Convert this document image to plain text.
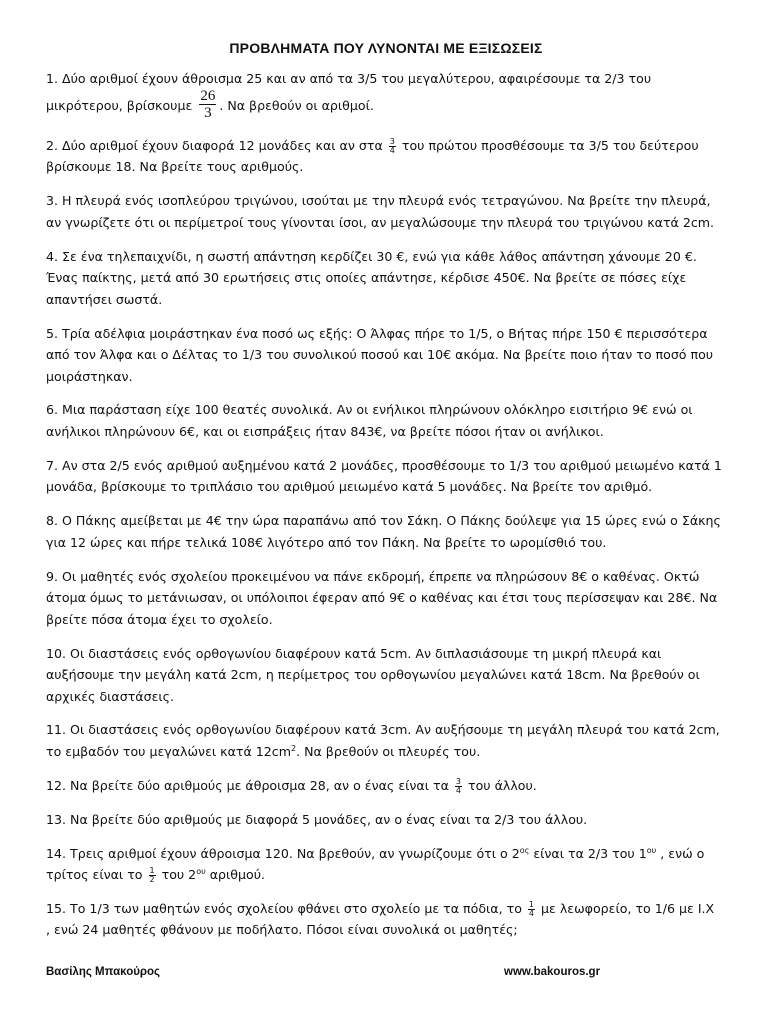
ΠΡΟΒΛΗΜΑΤΑ ΠΟΥ ΛΥΝΟΝΤΑΙ ΜΕ ΕΞΙΣΩΣΕΙΣ
1. Δύο αριθμοί έχουν άθροισμα 25 και αν από τα 3/5 του μεγαλύτερου, αφαιρέσουμε τα 2/3 του μικρότερου, βρίσκουμε $\frac{26}{3}$ . Να βρεθούν οι αριθμοί.
2. Δύο αριθμοί έχουν διαφορά 12 μονάδες και αν στα $\frac{3}{4}$ του πρώτου προσθέσουμε τα 3/5 του δεύτερου βρίσκουμε 18. Να βρείτε τους αριθμούς.
3. Η πλευρά ενός ισοπλεύρου τριγώνου, ισούται με την πλευρά ενός τετραγώνου. Να βρείτε την πλευρά, αν γνωρίζετε ότι οι περίμετροί τους γίνονται ίσοι, αν μεγαλώσουμε την πλευρά του τριγώνου κατά 2cm.
4. Σε ένα τηλεπαιχνίδι, η σωστή απάντηση κερδίζει 30 €, ενώ για κάθε λάθος απάντηση χάνουμε 20 €. Ένας παίκτης, μετά από 30 ερωτήσεις στις οποίες απάντησε, κέρδισε 450€. Να βρείτε σε πόσες είχε απαντήσει σωστά.
5. Τρία αδέλφια μοιράστηκαν ένα ποσό ως εξής: Ο Άλφας πήρε το 1/5, ο Βήτας πήρε 150 € περισσότερα από τον Άλφα και ο Δέλτας το 1/3 του συνολικού ποσού και 10€ ακόμα. Να βρείτε ποιο ήταν το ποσό που μοιράστηκαν.
6. Μια παράσταση είχε 100 θεατές συνολικά. Αν οι ενήλικοι πληρώνουν ολόκληρο εισιτήριο 9€ ενώ οι ανήλικοι πληρώνουν 6€, και οι εισπράξεις ήταν 843€, να βρείτε πόσοι ήταν οι ανήλικοι.
7. Αν στα 2/5 ενός αριθμού αυξημένου κατά 2 μονάδες, προσθέσουμε το 1/3 του αριθμού μειωμένο κατά 1 μονάδα, βρίσκουμε το τριπλάσιο του αριθμού μειωμένο κατά 5 μονάδες. Να βρείτε τον αριθμό.
8. Ο Πάκης αμείβεται με 4€ την ώρα παραπάνω από τον Σάκη. Ο Πάκης δούλεψε για 15 ώρες ενώ ο Σάκης για 12 ώρες και πήρε τελικά 108€ λιγότερο από τον Πάκη. Να βρείτε το ωρομίσθιό του.
9. Οι μαθητές ενός σχολείου προκειμένου να πάνε εκδρομή, έπρεπε να πληρώσουν 8€ ο καθένας. Οκτώ άτομα όμως το μετάνιωσαν, οι υπόλοιποι έφεραν από 9€ ο καθένας και έτσι τους περίσσεψαν και 28€. Να βρείτε πόσα άτομα έχει το σχολείο.
10. Οι διαστάσεις ενός ορθογωνίου διαφέρουν κατά 5cm. Αν διπλασιάσουμε τη μικρή πλευρά και αυξήσουμε την μεγάλη κατά 2cm, η περίμετρος του ορθογωνίου μεγαλώνει κατά 18cm. Να βρεθούν οι αρχικές διαστάσεις.
11. Οι διαστάσεις ενός ορθογωνίου διαφέρουν κατά 3cm. Αν αυξήσουμε τη μεγάλη πλευρά του κατά 2cm, το εμβαδόν του μεγαλώνει κατά $12cm^2$. Να βρεθούν οι πλευρές του.
12. Να βρείτε δύο αριθμούς με άθροισμα 28, αν ο ένας είναι τα $\frac{3}{4}$ του άλλου.
13. Να βρείτε δύο αριθμούς με διαφορά 5 μονάδες, αν ο ένας είναι τα 2/3 του άλλου.
14. Τρεις αριθμοί έχουν άθροισμα 120. Να βρεθούν, αν γνωρίζουμε ότι ο $2^{o\varsigma}$ είναι τα 2/3 του $1^{o\upsilon}$ , ενώ ο τρίτος είναι το $\frac{1}{2}$ του $2^{o\upsilon}$ αριθμού.
15. Το 1/3 των μαθητών ενός σχολείου φθάνει στο σχολείο με τα πόδια, το $\frac{1}{4}$ με λεωφορείο, το 1/6 με Ι.Χ
, ενώ 24 μαθητές φθάνουν με ποδήλατο. Πόσοι είναι συνολικά οι μαθητές;
Βασίλης Μπακούρος	www.bakouros.gr
